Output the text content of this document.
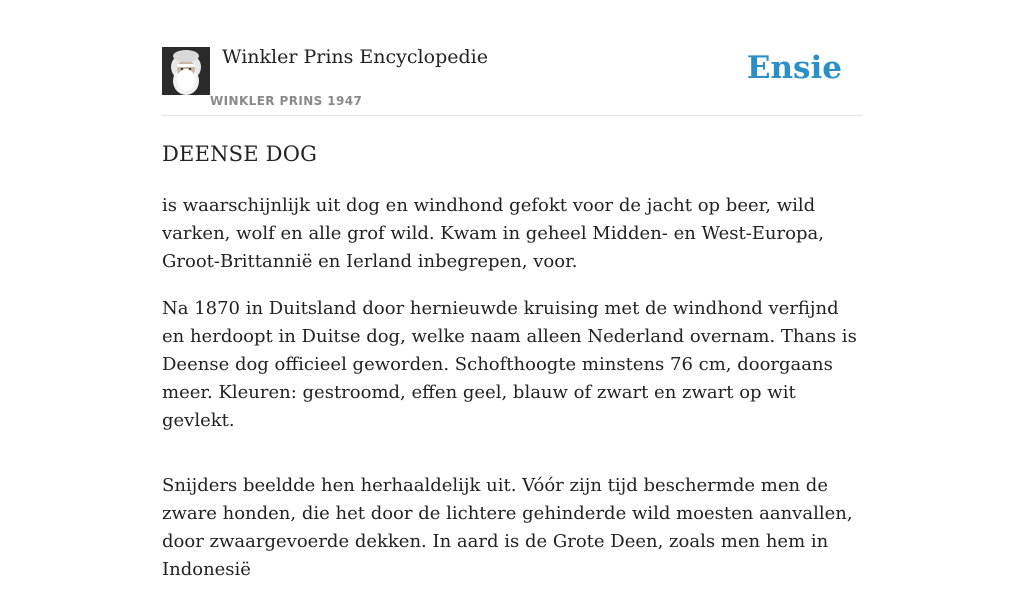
Winkler Prins Encyclopedie
WINKLER PRINS 1947
Ensie
DEENSE DOG

is waarschijnlijk uit dog en windhond gefokt voor de jacht op beer, wild varken, wolf en alle grof wild. Kwam in geheel Midden- en West-Europa, Groot-Brittannië en Ierland inbegrepen, voor.

Na 1870 in Duitsland door hernieuwde kruising met de windhond verfijnd en herdoopt in Duitse dog, welke naam alleen Nederland overnam. Thans is Deense dog officieel geworden. Schofthoogte minstens 76 cm, doorgaans meer. Kleuren: gestroomd, effen geel, blauw of zwart en zwart op wit gevlekt.

Snijders beeldde hen herhaaldelijk uit. Vóór zijn tijd beschermde men de zware honden, die het door de lichtere gehinderde wild moesten aanvallen, door zwaargevoerde dekken. In aard is de Grote Deen, zoals men hem in Indonesië
